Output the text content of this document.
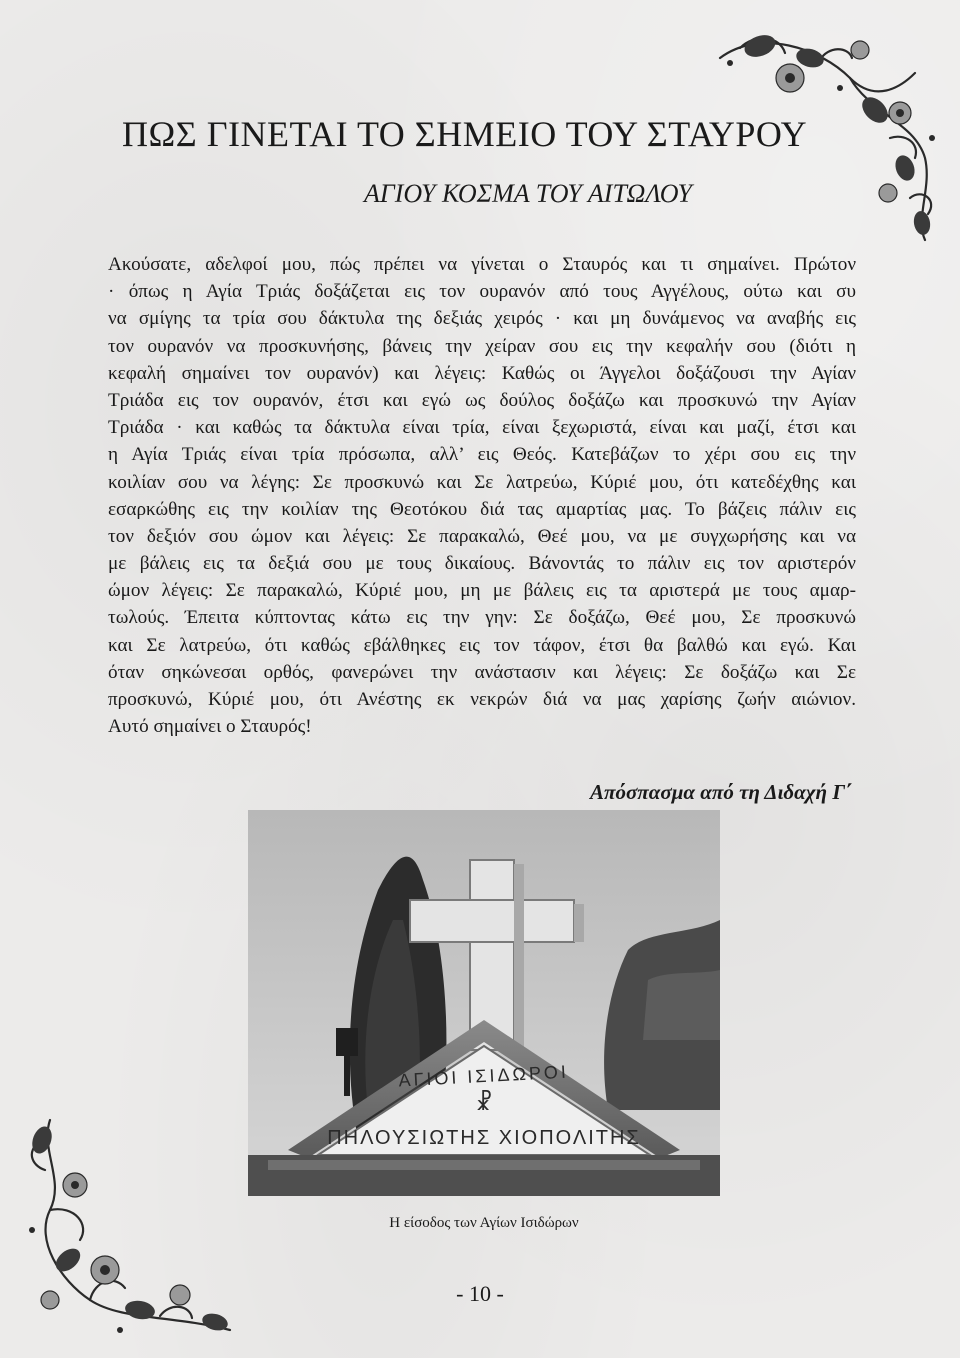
ΠΩΣ ΓΙΝΕΤΑΙ ΤΟ ΣΗΜΕΙΟ ΤΟΥ ΣΤΑΥΡΟΥ
ΑΓΙΟΥ ΚΟΣΜΑ ΤΟΥ ΑΙΤΩΛΟΥ
Ακούσατε, αδελφοί μου, πώς πρέπει να γίνεται ο Σταυρός και τι σημαίνει. Πρώτον
· όπως η Αγία Τριάς δοξάζεται εις τον ουρανόν από τους Αγγέλους, ούτω και συ
να σμίγης τα τρία σου δάκτυλα της δεξιάς χειρός · και μη δυνάμενος να αναβής εις
τον ουρανόν να προσκυνήσης, βάνεις την χείραν σου εις την κεφαλήν σου (διότι η
κεφαλή σημαίνει τον ουρανόν) και λέγεις: Καθώς οι Άγγελοι δοξάζουσι την Αγίαν
Τριάδα εις τον ουρανόν, έτσι και εγώ ως δούλος δοξάζω και προσκυνώ την Αγίαν
Τριάδα · και καθώς τα δάκτυλα είναι τρία, είναι ξεχωριστά, είναι και μαζί, έτσι και
η Αγία Τριάς είναι τρία πρόσωπα, αλλ’ εις Θεός. Κατεβάζων το χέρι σου εις την
κοιλίαν σου να λέγης: Σε προσκυνώ και Σε λατρεύω, Κύριέ μου, ότι κατεδέχθης και
εσαρκώθης εις την κοιλίαν της Θεοτόκου διά τας αμαρτίας μας. Το βάζεις πάλιν εις
τον δεξιόν σου ώμον και λέγεις: Σε παρακαλώ, Θεέ μου, να με συγχωρήσης και να
με βάλεις εις τα δεξιά σου με τους δικαίους. Βάνοντάς το πάλιν εις τον αριστερόν
ώμον λέγεις: Σε παρακαλώ, Κύριέ μου, μη με βάλεις εις τα αριστερά με τους αμαρ-
τωλούς. Έπειτα κύπτοντας κάτω εις την γην: Σε δοξάζω, Θεέ μου, Σε προσκυνώ
και Σε λατρεύω, ότι καθώς εβάλθηκες εις τον τάφον, έτσι θα βαλθώ και εγώ. Και
όταν σηκώνεσαι ορθός, φανερώνει την ανάστασιν και λέγεις: Σε δοξάζω και Σε
προσκυνώ, Κύριέ μου, ότι Ανέστης εκ νεκρών διά να μας χαρίσης ζωήν αιώνιον.
Αυτό σημαίνει ο Σταυρός!
Απόσπασμα από τη Διδαχή Γ΄
☧
ΑΓΙΟΙ ΙΣΙΔΩΡΟΙ
ΠΗΛΟΥΣΙΩΤΗΣ ΧΙΟΠΟΛΙΤΗΣ
Η είσοδος των Αγίων Ισιδώρων
- 10 -
